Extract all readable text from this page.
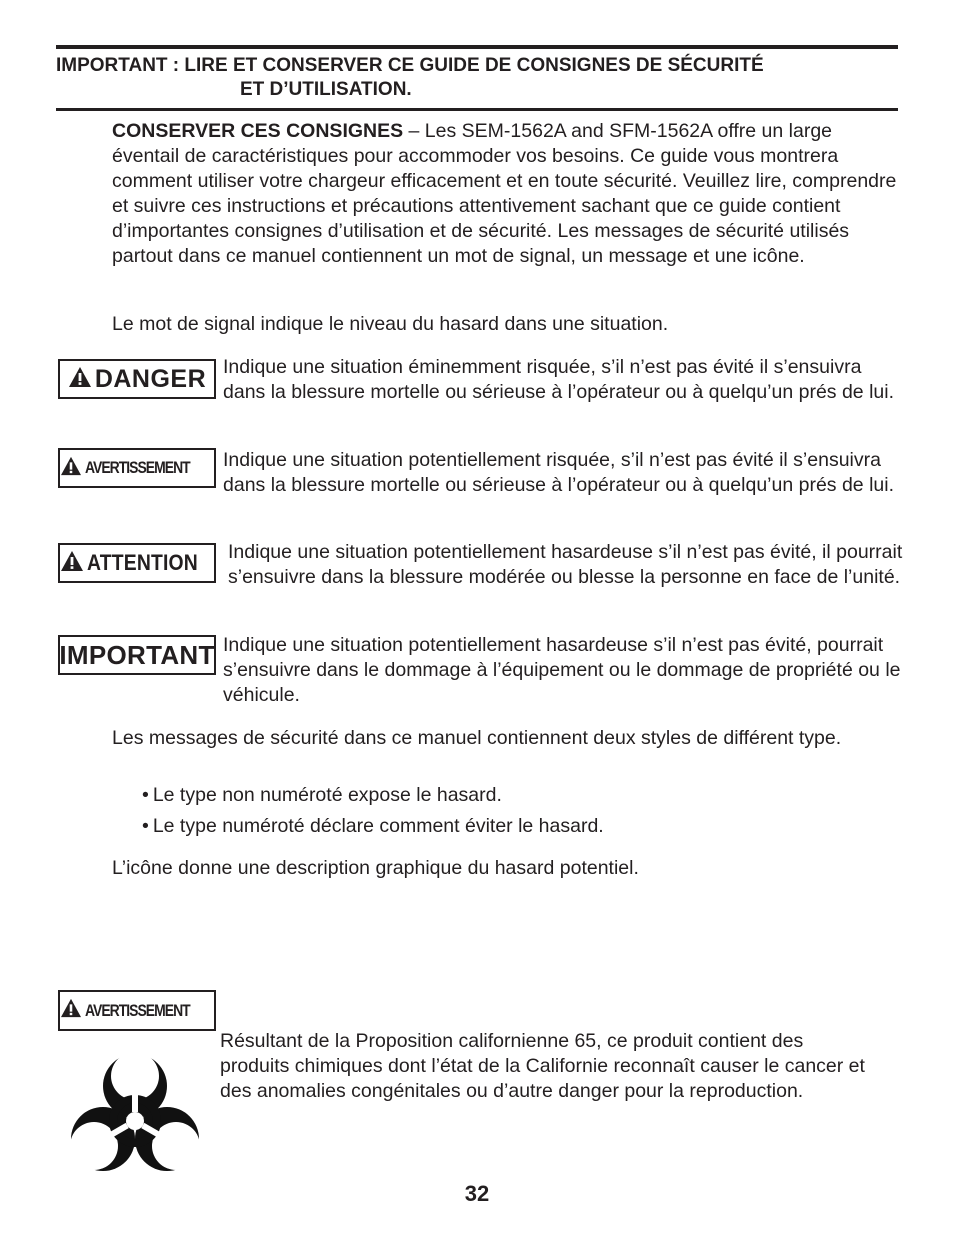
IMPORTANT : LIRE ET CONSERVER CE GUIDE DE CONSIGNES DE SÉCURITÉ
ET D’UTILISATION.
CONSERVER CES CONSIGNES – Les SEM-1562A and SFM-1562A offre un large éventail de caractéristiques pour accommoder vos besoins. Ce guide vous montrera comment utiliser votre chargeur efficacement et en toute sécurité. Veuillez lire, comprendre et suivre ces instructions et précautions attentivement sachant que ce guide contient d’importantes consignes d’utilisation et de sécurité. Les messages de sécurité utilisés partout dans ce manuel contiennent un mot de signal, un message et une icône.
Le mot de signal indique le niveau du hasard dans une situation.
DANGER Indique une situation éminemment risquée, s’il n’est pas évité il s’ensuivra dans la blessure mortelle ou sérieuse à l’opérateur ou à quelqu’un prés de lui.
AVERTISSEMENT Indique une situation potentiellement risquée, s’il n’est pas évité il s’ensuivra dans la blessure mortelle ou sérieuse à l’opérateur ou à quelqu’un prés de lui.
ATTENTION Indique une situation potentiellement hasardeuse s’il n’est pas évité, il pourrait s’ensuivre dans la blessure modérée ou blesse la personne en face de l’unité.
IMPORTANT Indique une situation potentiellement hasardeuse s’il n’est pas évité, pourrait s’ensuivre dans le dommage à l’équipement ou le dommage de propriété ou le véhicule.
Les messages de sécurité dans ce manuel contiennent deux styles de différent type.
• Le type non numéroté expose le hasard.
• Le type numéroté déclare comment éviter le hasard.
L’icône donne une description graphique du hasard potentiel.
AVERTISSEMENT
Résultant de la Proposition californienne 65, ce produit contient des produits chimiques dont l’état de la Californie reconnaît causer le cancer et des anomalies congénitales ou d’autre danger pour la reproduction.
32
